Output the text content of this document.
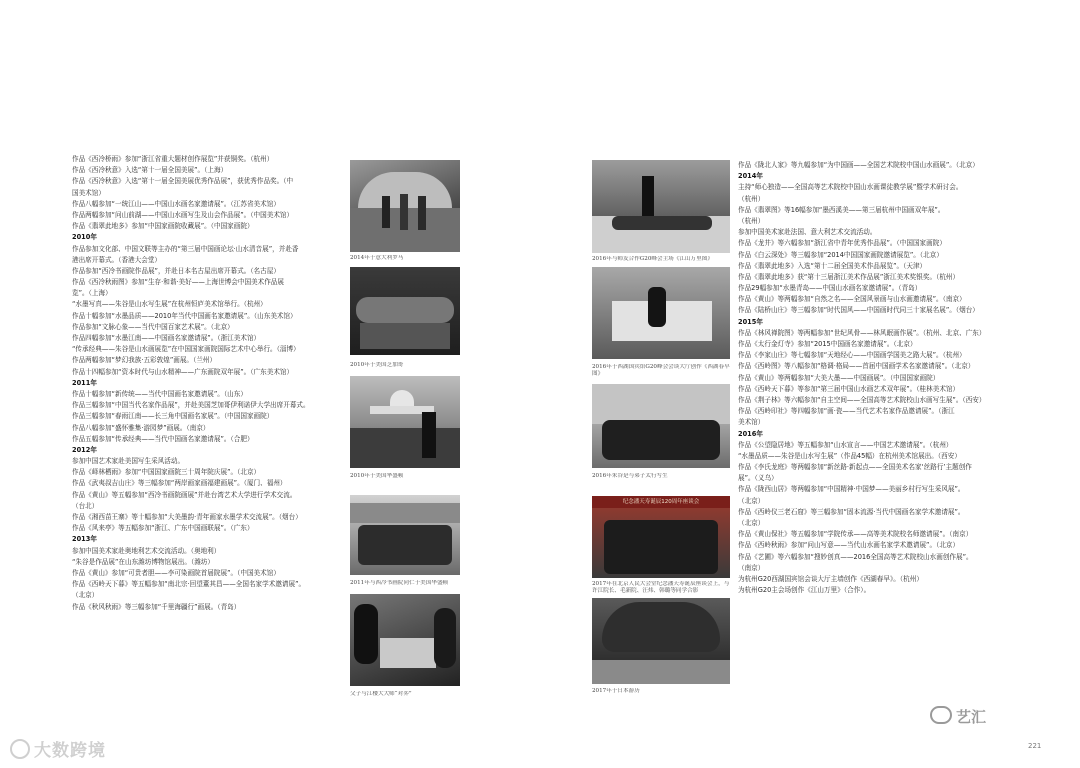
作品《西冷桥雨》参加“浙江省重大题材创作展览”并获铜奖。（杭州）
作品《西冷秋意》入选“第十一届全国美展”。（上海）
作品《西冷秋意》入选“第十一届全国美展优秀作品展”，获优秀作品奖。（中
国美术馆）
作品八幅参加“一统江山——中国山水画名家邀请展”。（江苏省美术馆）
作品两幅参加“问山前湖——中国山水画写生及山会作品展”。（中国美术馆）
作品《翡翠此地多》参加“中国家画院收藏展”。（中国家画院）
2010年
作品参加文化部、中国文联等主办的“第三届中国画论坛·山水清音展”，并赴香
港出席开幕式。（香港大会堂）
作品参加“西冷书画院作品展”，并赴日本名古屋出席开幕式。（名古屋）
作品《西冷秋雨图》参加“生存·和谐·美好——上海世博会中国美术作品展
览”。（上海）
“水墨写真——朱谷是山水写生展”在杭州恒庐美术馆举行。（杭州）
作品十幅参加“水墨品质——2010年当代中国画名家邀请展”。（山东美术馆）
作品参加“文脉心象——当代中国百家艺术展”。（北京）
作品四幅参加“水墨江南——中国画名家邀请展”。（浙江美术馆）
“传承经典——朱谷是山水画展览”在中国国家画院国际艺术中心举行。（淄博）
作品两幅参加“梦幻我族·五彩敦煌”画展。（兰州）
作品十四幅参加“资本时代与山水精神——广东画院双年展”。（广东美术馆）
2011年
作品十幅参加“新传统——当代中国画名家邀请展”。（山东）
作品三幅参加“中国当代名家作品展”，并赴美国芝加哥伊利诺伊大学出席开幕式。
作品三幅参加“春雨江南——长三角中国画名家展”。（中国国家画院）
作品八幅参加“盛怀雅集·游园梦”画展。（南京）
作品五幅参加“传承经典——当代中国画名家邀请展”。（合肥）
2012年
参加中国艺术家赴美国写生采风活动。
作品《峄林栖雨》参加“中国国家画院三十周年院庆展”。（北京）
作品《武夷叔吉山庄》等三幅参加“两岸画家画福建画展”。（厦门、福州）
作品《黄山》等五幅参加“西冷书画院画展”并赴台湾艺术大学进行学术交流。
（台北）
作品《湘西苗王寨》等十幅参加“大美墨韵·青年画家水墨学术交流展”。（烟台）
作品《风来亭》等五幅参加“浙江、广东中国画联展”。（广东）
2013年
参加中国美术家赴奥地利艺术交流活动。（奥地利）
“朱谷是作品展”在山东潍坊博物馆展出。（潍坊）
作品《黄山》参加“可贵者胆——李可染画院首届院展”。（中国美术馆）
作品《西岭天下暮》等五幅参加“南北宗·回望董其昌——全国名家学术邀请展”。
（北京）
作品《秋风秋雨》等三幅参加“千里海疆行”画展。（青岛）
2014年于意大利罗马
2010年于美国芝加哥
2010年于美国华盛顿
2011年与西冷书画院同仁于美国华盛顿
父子与江楼大大师“对弈”
2016年与师友合作G20峰会主场《江山万里图》
2016年于西湖国宾馆G20峰会会谈大厅创作《西湖春早图》
2016年朱谷是与弟子太行写生
纪念潘天寿诞辰120周年座谈会
2017年在北京人民大会堂纪念潘天寿诞辰座谈会上，与许江院长、毛新院、汪炜、韩璐等同学合影
2017年于日本游历
作品《陇北人家》等九幅参加“为中国画——全国艺术院校中国山水画展”。（北京）
2014年
主持“师心独造——全国高等艺术院校中国山水画课徒教学展”暨学术研讨会。
（杭州）
作品《翡翠图》等16幅参加“墨西溪美——第三届杭州中国画双年展”。
（杭州）
参加中国美术家赴法国、意大利艺术交流活动。
作品《龙井》等六幅参加“浙江省中青年优秀作品展”。（中国国家画院）
作品《白云深处》等三幅参加“2014中国国家画院邀请展览”。（北京）
作品《翡翠此地多》入选“第十二届全国美术作品展览”。（天津）
作品《翡翠此地多》获“第十三届浙江美术作品展”浙江美术奖银奖。（杭州）
作品29幅参加“水墨青岛——中国山水画名家邀请展”。（青岛）
作品《黄山》等两幅参加“自然之名——全国风景画与山水画邀请展”。（南京）
作品《陆桥山庄》等三幅参加“时代国风——中国画时代同三十家展名展”。（烟台）
2015年
作品《林风禅院图》等两幅参加“世纪风骨——林风眠画作展”。（杭州、北京、广东）
作品《太行金灯寺》参加“2015中国画名家邀请展”。（北京）
作品《李家山庄》等七幅参加“天地经心——中国画学国美之路大展”。（杭州）
作品《西岭图》等八幅参加“格调·格局——首届中国画学术名家邀请展”。（北京）
作品《黄山》等两幅参加“大美大墨——中国画展”。（中国国家画院）
作品《西岭天下暮》等参加“第三届中国山水画艺术双年展”。（桂林美术馆）
作品《荆子林》等六幅参加“自主空间——全国高等艺术院校山水画写生展”。（西安）
作品《西岭印社》等四幅参加“画·瓷——当代艺术名家作品邀请展”。（浙江
美术馆）
2016年
作品《公望隐居地》等五幅参加“山水宣言——中国艺术邀请展”。（杭州）
“水墨品质——朱谷是山水写生展”（作品45幅）在杭州美术馆展出。（西安）
作品《李氏龙庭》等两幅参加“新丝路·新起点——全国美术名家‘丝路行’主题创作
展”。（义乌）
作品《陇西山居》等两幅参加“中国精神·中国梦——美丽乡村行写生采风展”。
（北京）
作品《西岭仪三老石窟》等三幅参加“固本流源·当代中国画名家学术邀请展”。
（北京）
作品《黄山保社》等五幅参加“学院传承——高等美术院校名师邀请展”。（南京）
作品《西岭秋雨》参加“问山写意——当代山水画名家学术邀请展”。（北京）
作品《艺圃》等六幅参加“搜妙创真——2016全国高等艺术院校山水画创作展”。
（南京）
为杭州G20西湖国宾馆会谈大厅主墙创作《西湖春早》。（杭州）
为杭州G20主会场创作《江山万里》（合作）。
艺汇
221
大数跨境
